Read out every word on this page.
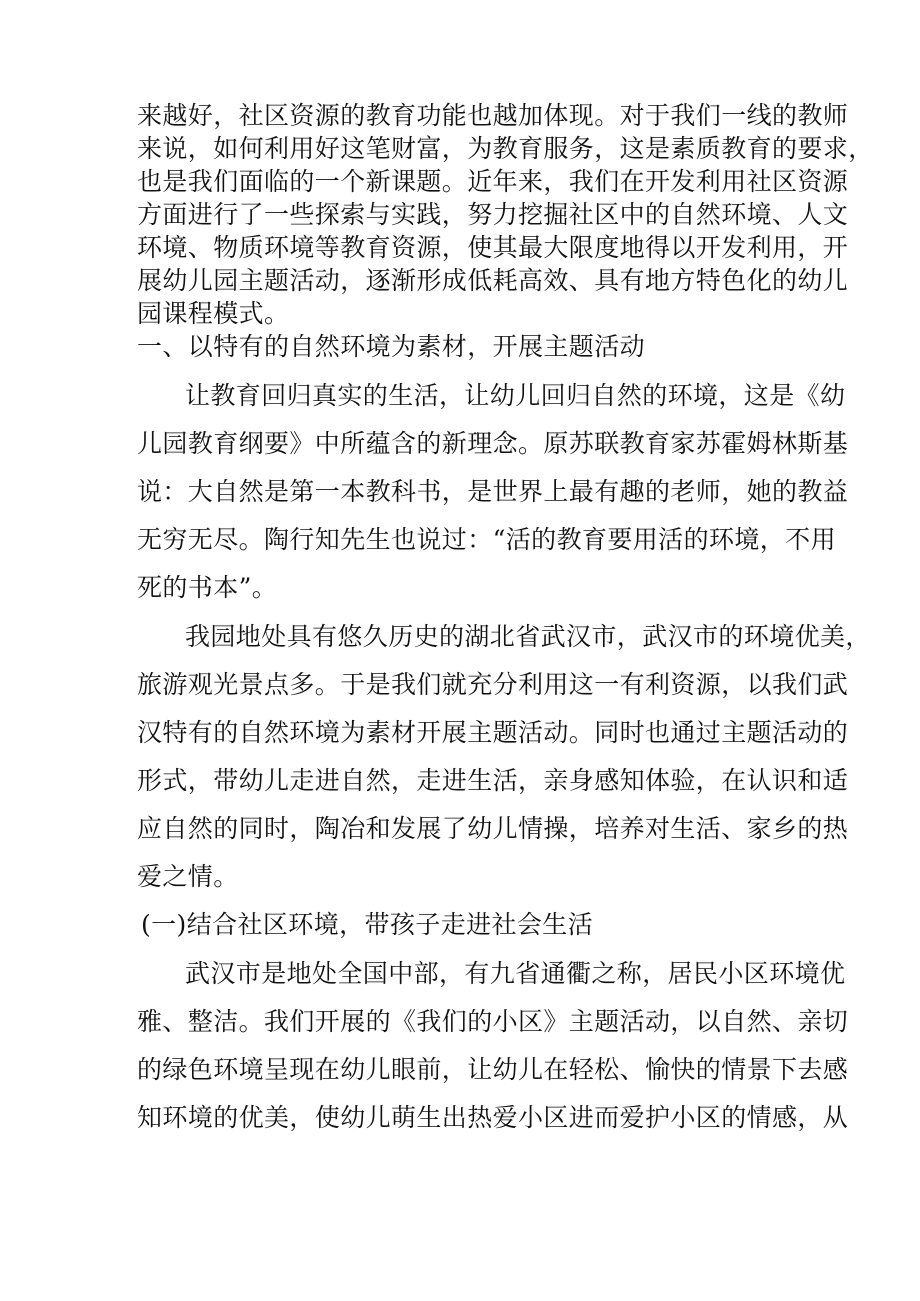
来越好，社区资源的教育功能也越加体现。对于我们一线的教师
来说，如何利用好这笔财富，为教育服务，这是素质教育的要求，
也是我们面临的一个新课题。近年来，我们在开发利用社区资源
方面进行了一些探索与实践，努力挖掘社区中的自然环境、人文
环境、物质环境等教育资源，使其最大限度地得以开发利用，开
展幼儿园主题活动，逐渐形成低耗高效、具有地方特色化的幼儿
园课程模式。
一、以特有的自然环境为素材，开展主题活动
让教育回归真实的生活，让幼儿回归自然的环境，这是《幼
儿园教育纲要》中所蕴含的新理念。原苏联教育家苏霍姆林斯基
说：大自然是第一本教科书，是世界上最有趣的老师，她的教益
无穷无尽。陶行知先生也说过：“活的教育要用活的环境，不用
死的书本”。
我园地处具有悠久历史的湖北省武汉市，武汉市的环境优美，
旅游观光景点多。于是我们就充分利用这一有利资源，以我们武
汉特有的自然环境为素材开展主题活动。同时也通过主题活动的
形式，带幼儿走进自然，走进生活，亲身感知体验，在认识和适
应自然的同时，陶冶和发展了幼儿情操，培养对生活、家乡的热
爱之情。
(一)结合社区环境，带孩子走进社会生活
武汉市是地处全国中部，有九省通衢之称，居民小区环境优
雅、整洁。我们开展的《我们的小区》主题活动，以自然、亲切
的绿色环境呈现在幼儿眼前，让幼儿在轻松、愉快的情景下去感
知环境的优美，使幼儿萌生出热爱小区进而爱护小区的情感，从
